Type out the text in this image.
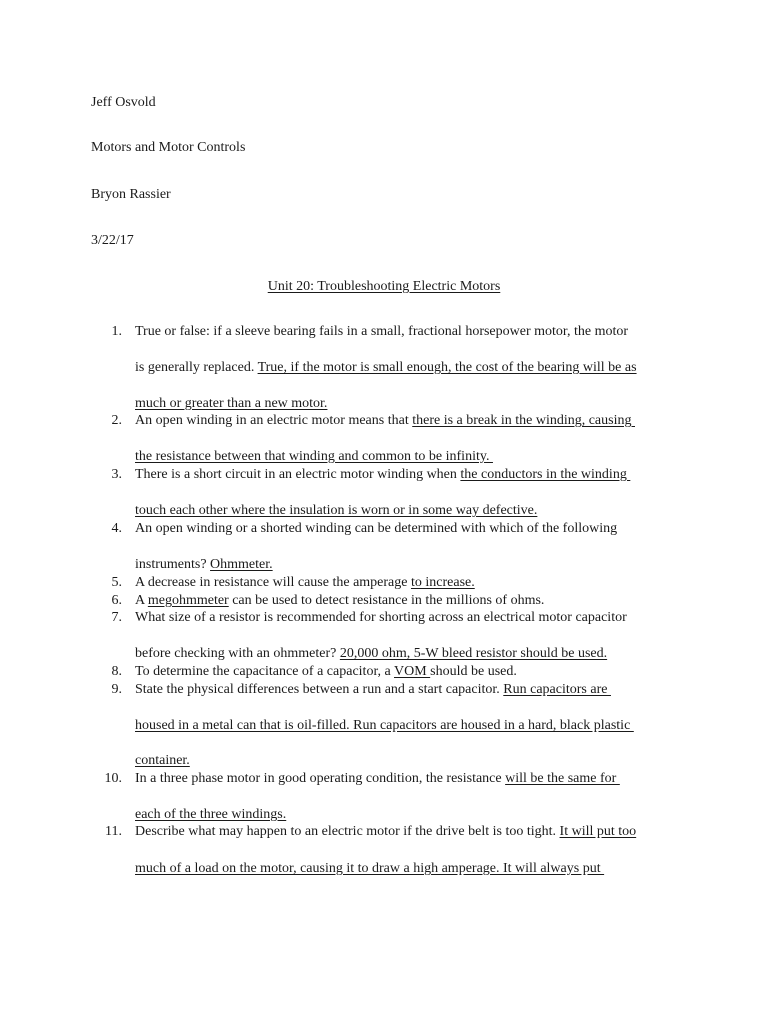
Jeff Osvold
Motors and Motor Controls
Bryon Rassier
3/22/17
Unit 20: Troubleshooting Electric Motors
1. True or false: if a sleeve bearing fails in a small, fractional horsepower motor, the motor
is generally replaced. True, if the motor is small enough, the cost of the bearing will be as
much or greater than a new motor.
2. An open winding in an electric motor means that there is a break in the winding, causing
the resistance between that winding and common to be infinity.
3. There is a short circuit in an electric motor winding when the conductors in the winding
touch each other where the insulation is worn or in some way defective.
4. An open winding or a shorted winding can be determined with which of the following
instruments? Ohmmeter.
5. A decrease in resistance will cause the amperage to increase.
6. A megohmmeter can be used to detect resistance in the millions of ohms.
7. What size of a resistor is recommended for shorting across an electrical motor capacitor
before checking with an ohmmeter? 20,000 ohm, 5-W bleed resistor should be used.
8. To determine the capacitance of a capacitor, a VOM should be used.
9. State the physical differences between a run and a start capacitor. Run capacitors are
housed in a metal can that is oil-filled. Run capacitors are housed in a hard, black plastic
container.
10. In a three phase motor in good operating condition, the resistance will be the same for
each of the three windings.
11. Describe what may happen to an electric motor if the drive belt is too tight. It will put too
much of a load on the motor, causing it to draw a high amperage. It will always put
